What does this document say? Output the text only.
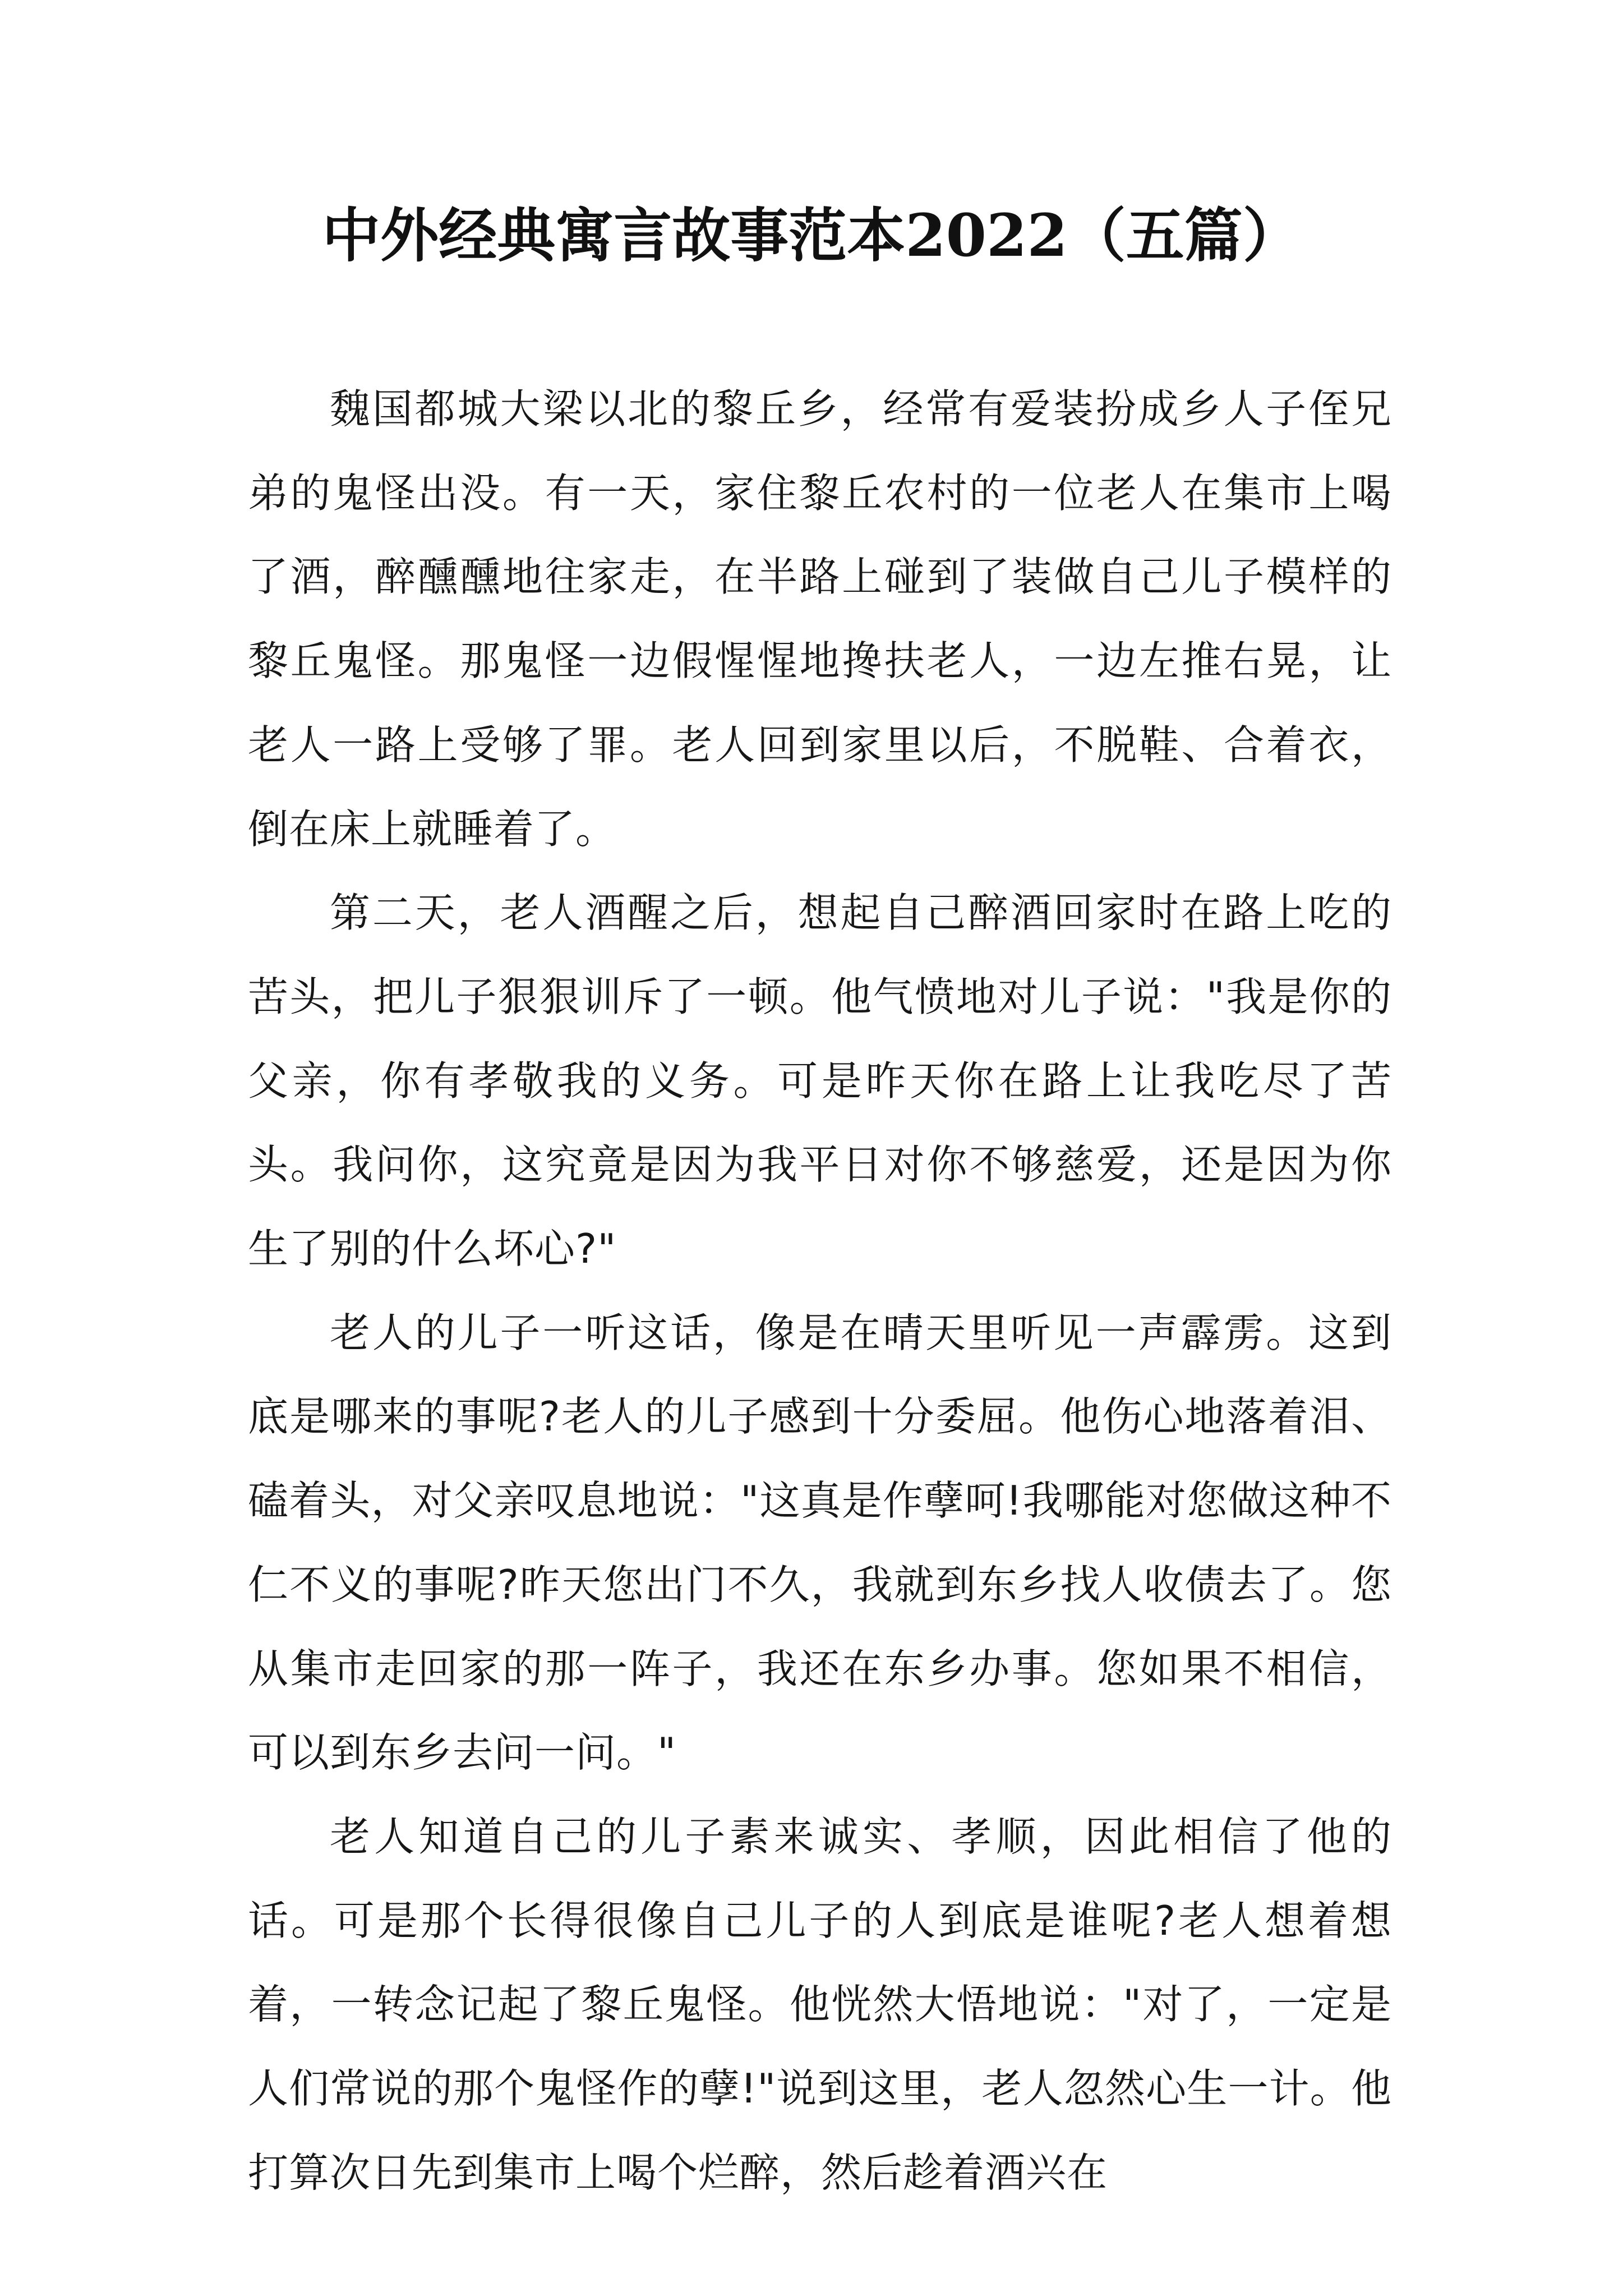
中外经典寓言故事范本2022（五篇）

魏国都城大梁以北的黎丘乡，经常有爱装扮成乡人子侄兄弟的鬼怪出没。有一天，家住黎丘农村的一位老人在集市上喝了酒，醉醺醺地往家走，在半路上碰到了装做自己儿子模样的黎丘鬼怪。那鬼怪一边假惺惺地搀扶老人，一边左推右晃，让老人一路上受够了罪。老人回到家里以后，不脱鞋、合着衣，倒在床上就睡着了。

第二天，老人酒醒之后，想起自己醉酒回家时在路上吃的苦头，把儿子狠狠训斥了一顿。他气愤地对儿子说："我是你的父亲，你有孝敬我的义务。可是昨天你在路上让我吃尽了苦头。我问你，这究竟是因为我平日对你不够慈爱，还是因为你生了别的什么坏心?"

老人的儿子一听这话，像是在晴天里听见一声霹雳。这到底是哪来的事呢?老人的儿子感到十分委屈。他伤心地落着泪、磕着头，对父亲叹息地说："这真是作孽呵!我哪能对您做这种不仁不义的事呢?昨天您出门不久，我就到东乡找人收债去了。您从集市走回家的那一阵子，我还在东乡办事。您如果不相信，可以到东乡去问一问。"

老人知道自己的儿子素来诚实、孝顺，因此相信了他的话。可是那个长得很像自己儿子的人到底是谁呢?老人想着想着，一转念记起了黎丘鬼怪。他恍然大悟地说："对了，一定是人们常说的那个鬼怪作的孽!"说到这里，老人忽然心生一计。他打算次日先到集市上喝个烂醉，然后趁着酒兴在
